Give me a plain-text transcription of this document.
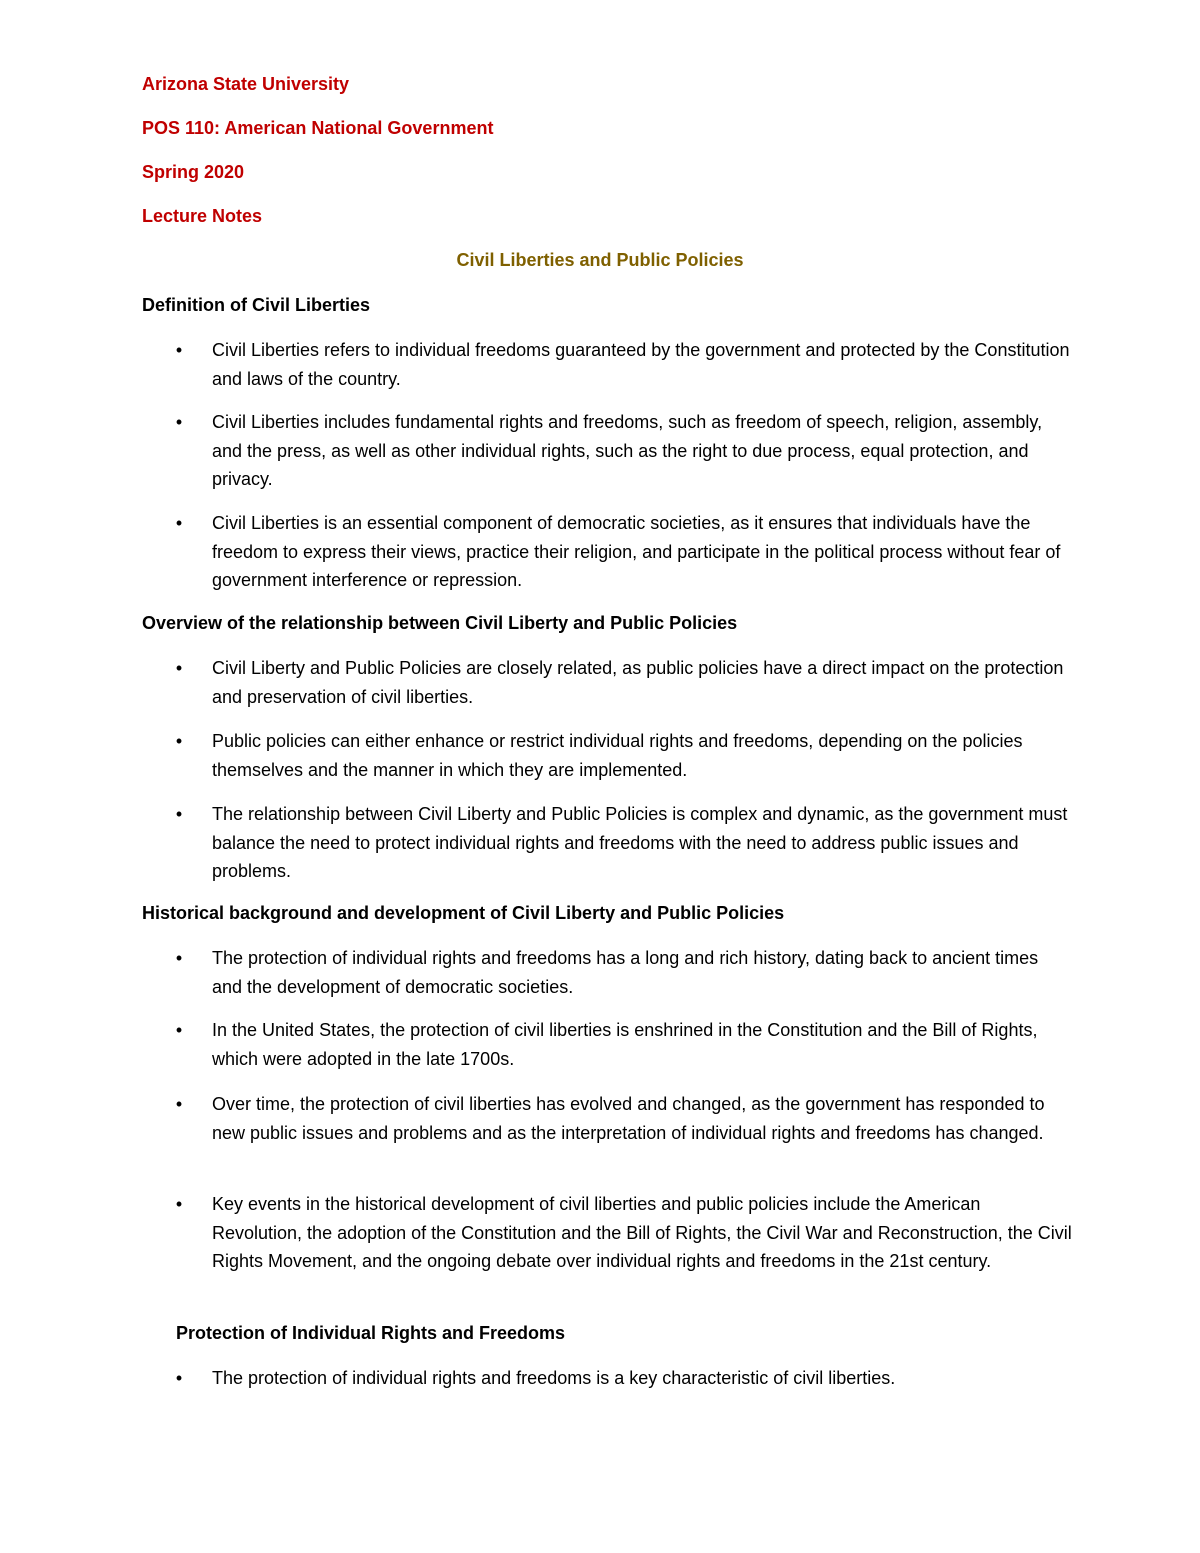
Arizona State University
POS 110: American National Government
Spring 2020
Lecture Notes
Civil Liberties and Public Policies
Definition of Civil Liberties
• Civil Liberties refers to individual freedoms guaranteed by the government and protected by the Constitution and laws of the country.
• Civil Liberties includes fundamental rights and freedoms, such as freedom of speech, religion, assembly, and the press, as well as other individual rights, such as the right to due process, equal protection, and privacy.
• Civil Liberties is an essential component of democratic societies, as it ensures that individuals have the freedom to express their views, practice their religion, and participate in the political process without fear of government interference or repression.
Overview of the relationship between Civil Liberty and Public Policies
• Civil Liberty and Public Policies are closely related, as public policies have a direct impact on the protection and preservation of civil liberties.
• Public policies can either enhance or restrict individual rights and freedoms, depending on the policies themselves and the manner in which they are implemented.
• The relationship between Civil Liberty and Public Policies is complex and dynamic, as the government must balance the need to protect individual rights and freedoms with the need to address public issues and problems.
Historical background and development of Civil Liberty and Public Policies
• The protection of individual rights and freedoms has a long and rich history, dating back to ancient times and the development of democratic societies.
• In the United States, the protection of civil liberties is enshrined in the Constitution and the Bill of Rights, which were adopted in the late 1700s.
• Over time, the protection of civil liberties has evolved and changed, as the government has responded to new public issues and problems and as the interpretation of individual rights and freedoms has changed.
• Key events in the historical development of civil liberties and public policies include the American Revolution, the adoption of the Constitution and the Bill of Rights, the Civil War and Reconstruction, the Civil Rights Movement, and the ongoing debate over individual rights and freedoms in the 21st century.
Protection of Individual Rights and Freedoms
• The protection of individual rights and freedoms is a key characteristic of civil liberties.
